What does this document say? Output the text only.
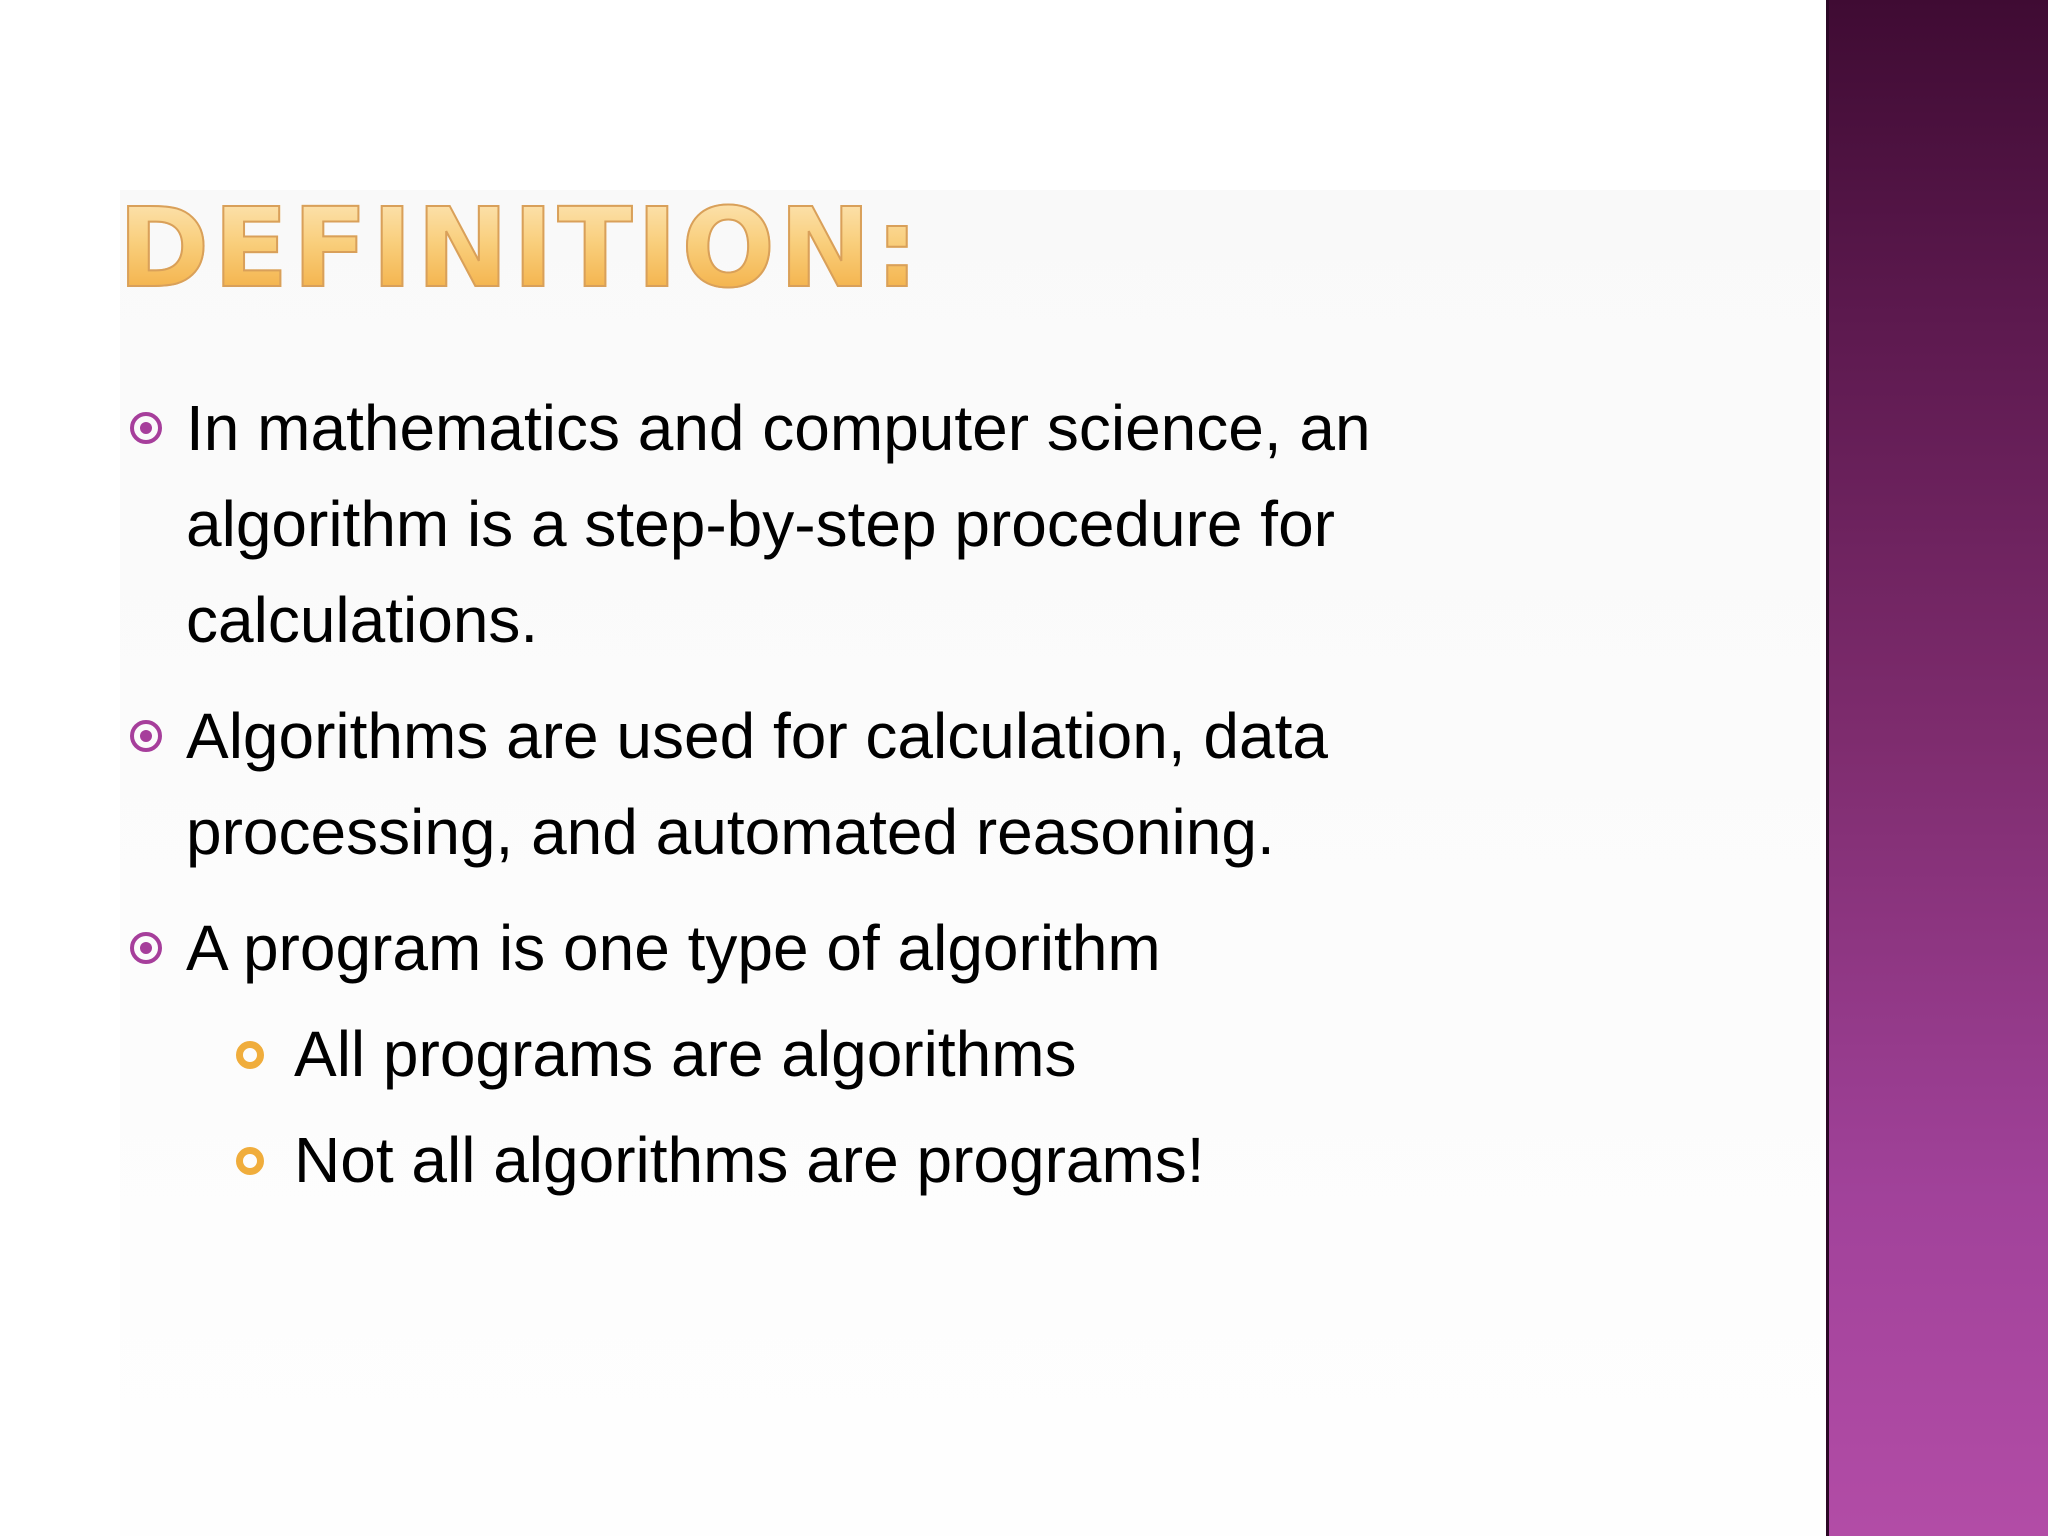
DEFINITION:
In mathematics and computer science, an algorithm is a step-by-step procedure for calculations.
Algorithms are used for calculation, data processing, and automated reasoning.
A program is one type of algorithm
All programs are algorithms
Not all algorithms are programs!
